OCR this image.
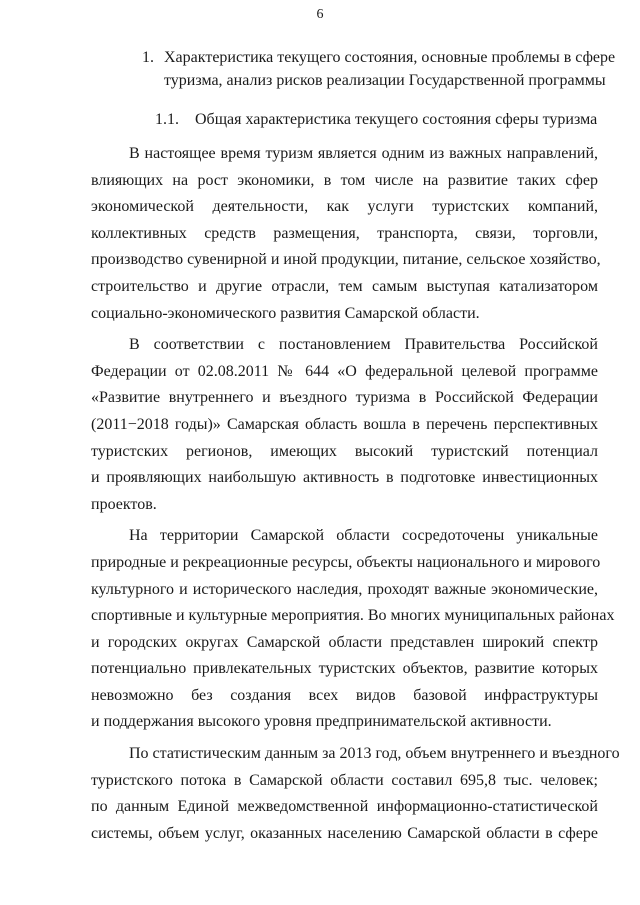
6
1. Характеристика текущего состояния, основные проблемы в сфере
туризма, анализ рисков реализации Государственной программы
1.1. Общая характеристика текущего состояния сферы туризма

В настоящее время туризм является одним из важных направлений,
влияющих на рост экономики, в том числе на развитие таких сфер
экономической деятельности, как услуги туристских компаний,
коллективных средств размещения, транспорта, связи, торговли,
производство сувенирной и иной продукции, питание, сельское хозяйство,
строительство и другие отрасли, тем самым выступая катализатором
социально-экономического развития Самарской области.

В соответствии с постановлением Правительства Российской
Федерации от 02.08.2011 № 644 «О федеральной целевой программе
«Развитие внутреннего и въездного туризма в Российской Федерации
(2011−2018 годы)» Самарская область вошла в перечень перспективных
туристских регионов, имеющих высокий туристский потенциал
и проявляющих наибольшую активность в подготовке инвестиционных
проектов.

На территории Самарской области сосредоточены уникальные
природные и рекреационные ресурсы, объекты национального и мирового
культурного и исторического наследия, проходят важные экономические,
спортивные и культурные мероприятия. Во многих муниципальных районах
и городских округах Самарской области представлен широкий спектр
потенциально привлекательных туристских объектов, развитие которых
невозможно без создания всех видов базовой инфраструктуры
и поддержания высокого уровня предпринимательской активности.

По статистическим данным за 2013 год, объем внутреннего и въездного
туристского потока в Самарской области составил 695,8 тыс. человек;
по данным Единой межведомственной информационно-статистической
системы, объем услуг, оказанных населению Самарской области в сфере
